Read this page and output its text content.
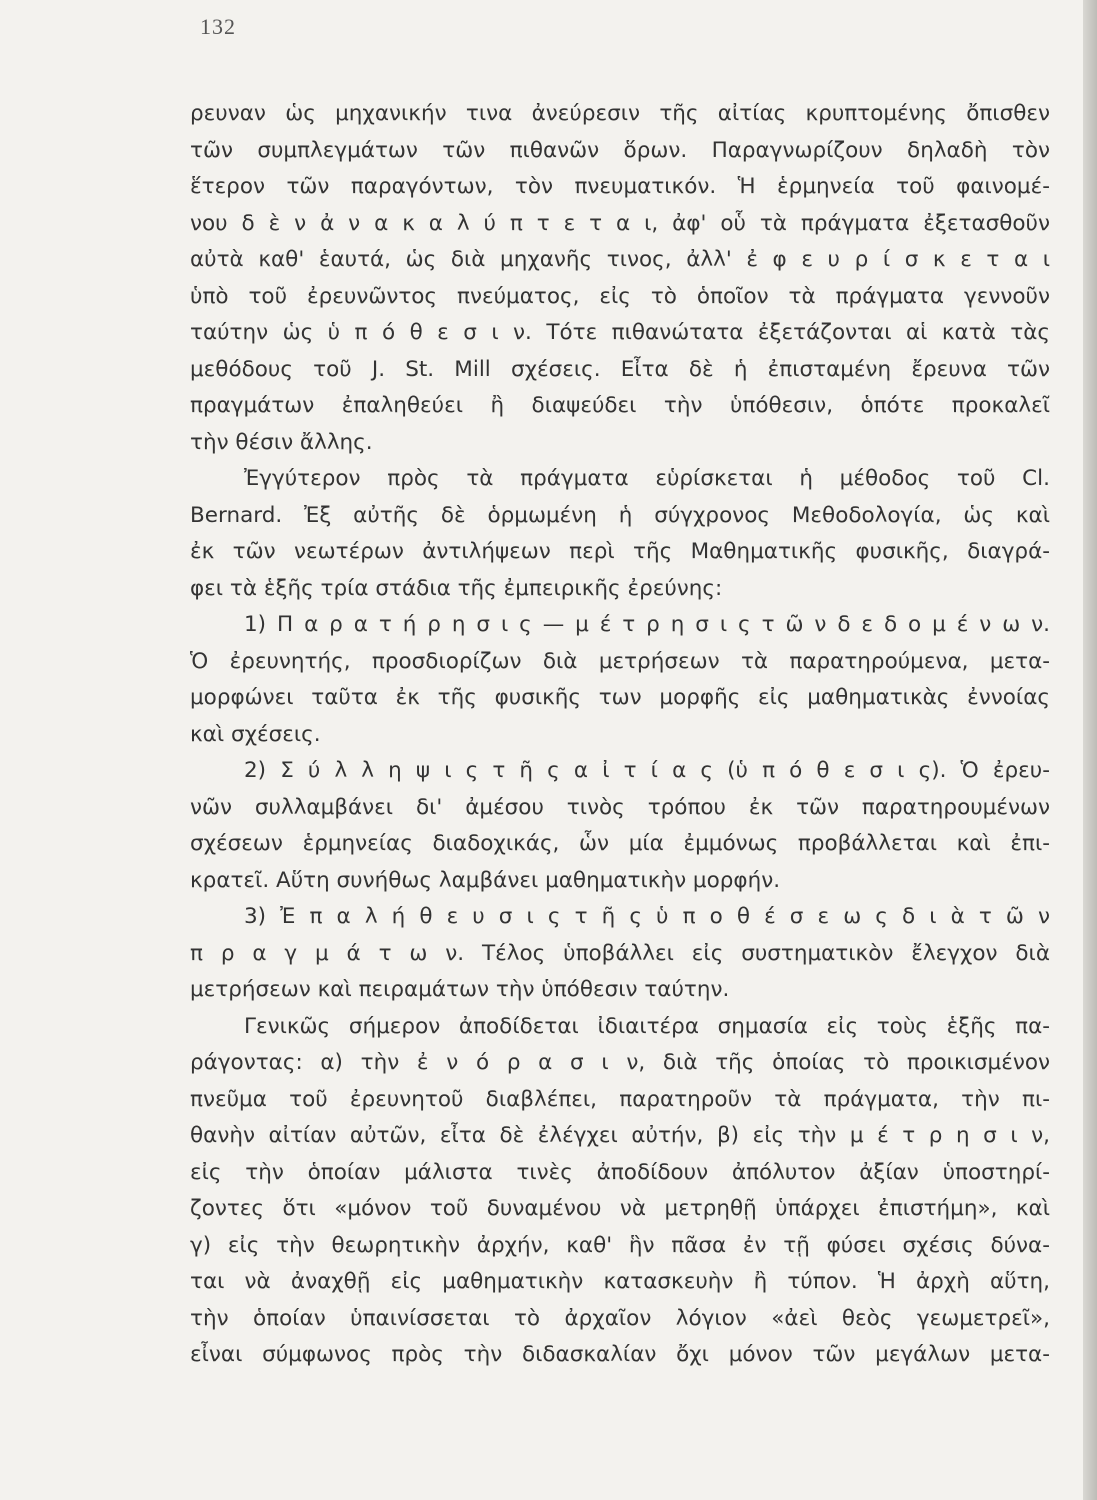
132
ρευναν ὡς μηχανικήν τινα ἀνεύρεσιν τῆς αἰτίας κρυπτομένης ὄπισθεν
τῶν συμπλεγμάτων τῶν πιθανῶν ὅρων. Παραγνωρίζουν δηλαδὴ τὸν
ἕτερον τῶν παραγόντων, τὸν πνευματικόν. Ἡ ἑρμηνεία τοῦ φαινομέ-
νου δ ὲ ν ἀ ν α κ α λ ύ π τ ε τ α ι, ἀφ' οὗ τὰ πράγματα ἐξετασθοῦν
αὐτὰ καθ' ἑαυτά, ὡς διὰ μηχανῆς τινος, ἀλλ' ἐ φ ε υ ρ ί σ κ ε τ α ι
ὑπὸ τοῦ ἐρευνῶντος πνεύματος, εἰς τὸ ὁποῖον τὰ πράγματα γεννοῦν
ταύτην ὡς ὑ π ό θ ε σ ι ν. Τότε πιθανώτατα ἐξετάζονται αἱ κατὰ τὰς
μεθόδους τοῦ J. St. Mill σχέσεις. Εἶτα δὲ ἡ ἐπισταμένη ἔρευνα τῶν
πραγμάτων ἐπαληθεύει ἢ διαψεύδει τὴν ὑπόθεσιν, ὁπότε προκαλεῖ
τὴν θέσιν ἄλλης.
Ἐγγύτερον πρὸς τὰ πράγματα εὑρίσκεται ἡ μέθοδος τοῦ Cl.
Bernard. Ἐξ αὐτῆς δὲ ὁρμωμένη ἡ σύγχρονος Μεθοδολογία, ὡς καὶ
ἐκ τῶν νεωτέρων ἀντιλήψεων περὶ τῆς Μαθηματικῆς φυσικῆς, διαγρά-
φει τὰ ἑξῆς τρία στάδια τῆς ἐμπειρικῆς ἐρεύνης:
1) Π α ρ α τ ή ρ η σ ι ς — μ έ τ ρ η σ ι ς τ ῶ ν δ ε δ ο μ έ ν ω ν.
Ὁ ἐρευνητής, προσδιορίζων διὰ μετρήσεων τὰ παρατηρούμενα, μετα-
μορφώνει ταῦτα ἐκ τῆς φυσικῆς των μορφῆς εἰς μαθηματικὰς ἐννοίας
καὶ σχέσεις.
2) Σ ύ λ λ η ψ ι ς τ ῆ ς α ἰ τ ί α ς (ὑ π ό θ ε σ ι ς). Ὁ ἐρευ-
νῶν συλλαμβάνει δι' ἀμέσου τινὸς τρόπου ἐκ τῶν παρατηρουμένων
σχέσεων ἑρμηνείας διαδοχικάς, ὧν μία ἐμμόνως προβάλλεται καὶ ἐπι-
κρατεῖ. Αὕτη συνήθως λαμβάνει μαθηματικὴν μορφήν.
3) Ἐ π α λ ή θ ε υ σ ι ς τ ῆ ς ὑ π ο θ έ σ ε ω ς δ ι ὰ τ ῶ ν
π ρ α γ μ ά τ ω ν. Τέλος ὑποβάλλει εἰς συστηματικὸν ἔλεγχον διὰ
μετρήσεων καὶ πειραμάτων τὴν ὑπόθεσιν ταύτην.
Γενικῶς σήμερον ἀποδίδεται ἰδιαιτέρα σημασία εἰς τοὺς ἑξῆς πα-
ράγοντας: α) τὴν ἐ ν ό ρ α σ ι ν, διὰ τῆς ὁποίας τὸ προικισμένον
πνεῦμα τοῦ ἐρευνητοῦ διαβλέπει, παρατηροῦν τὰ πράγματα, τὴν πι-
θανὴν αἰτίαν αὐτῶν, εἶτα δὲ ἐλέγχει αὐτήν, β) εἰς τὴν μ έ τ ρ η σ ι ν,
εἰς τὴν ὁποίαν μάλιστα τινὲς ἀποδίδουν ἀπόλυτον ἀξίαν ὑποστηρί-
ζοντες ὅτι «μόνον τοῦ δυναμένου νὰ μετρηθῇ ὑπάρχει ἐπιστήμη», καὶ
γ) εἰς τὴν θεωρητικὴν ἀρχήν, καθ' ἣν πᾶσα ἐν τῇ φύσει σχέσις δύνα-
ται νὰ ἀναχθῇ εἰς μαθηματικὴν κατασκευὴν ἢ τύπον. Ἡ ἀρχὴ αὕτη,
τὴν ὁποίαν ὑπαινίσσεται τὸ ἀρχαῖον λόγιον «ἀεὶ θεὸς γεωμετρεῖ»,
εἶναι σύμφωνος πρὸς τὴν διδασκαλίαν ὄχι μόνον τῶν μεγάλων μετα-
